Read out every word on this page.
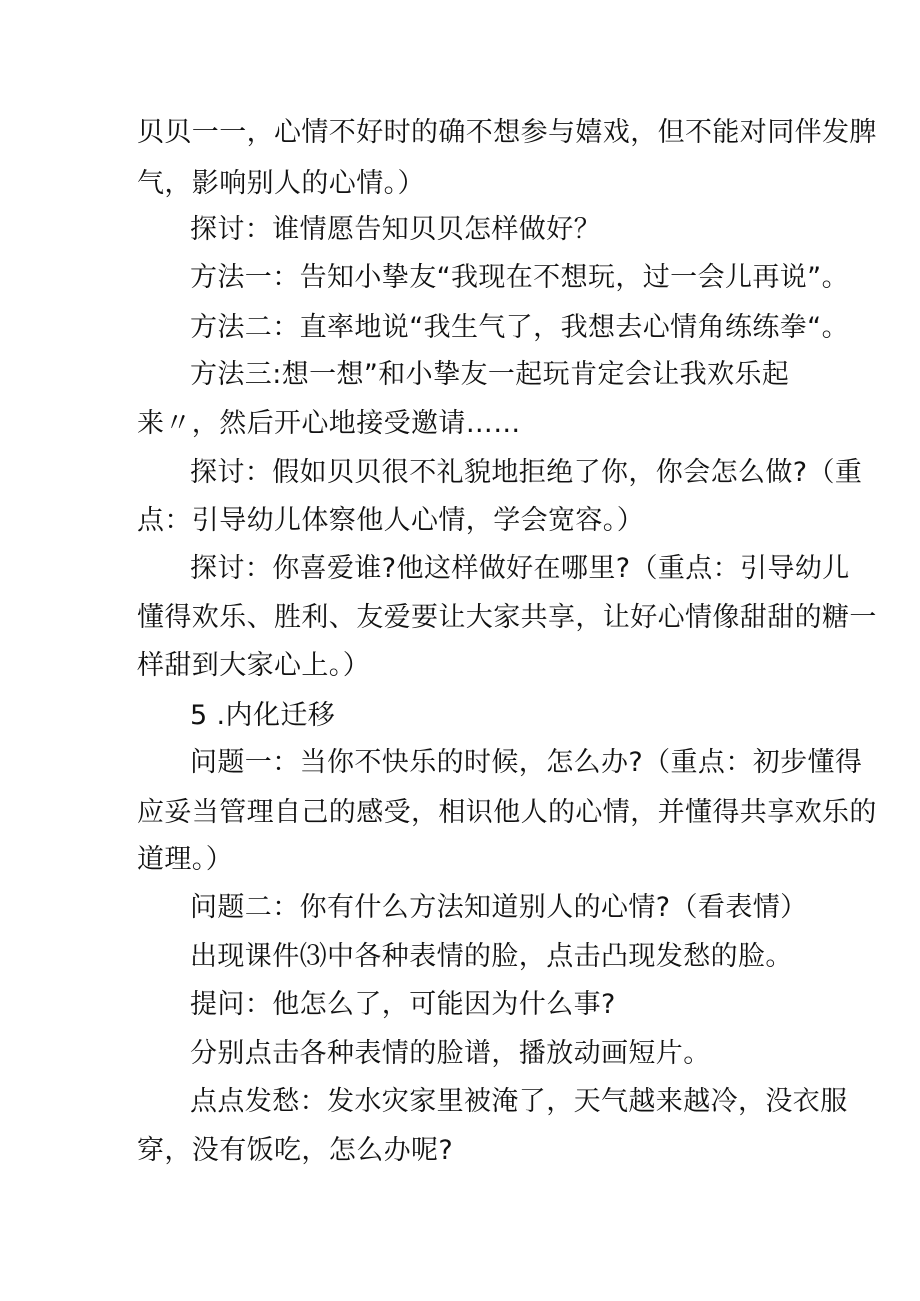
贝贝一一，心情不好时的确不想参与嬉戏，但不能对同伴发脾
气，影响别人的心情。）
探讨：谁情愿告知贝贝怎样做好？
方法一：告知小挚友“我现在不想玩，过一会儿再说”。
方法二：直率地说“我生气了，我想去心情角练练拳“。
方法三:想一想”和小挚友一起玩肯定会让我欢乐起
来〃，然后开心地接受邀请……
探讨：假如贝贝很不礼貌地拒绝了你，你会怎么做?（重
点：引导幼儿体察他人心情，学会宽容。）
探讨：你喜爱谁?他这样做好在哪里?（重点：引导幼儿
懂得欢乐、胜利、友爱要让大家共享，让好心情像甜甜的糖一
样甜到大家心上。）
5 .内化迁移
问题一：当你不快乐的时候，怎么办?（重点：初步懂得
应妥当管理自己的感受，相识他人的心情，并懂得共享欢乐的
道理。）
问题二：你有什么方法知道别人的心情?（看表情）
出现课件⑶中各种表情的脸，点击凸现发愁的脸。
提问：他怎么了，可能因为什么事?
分别点击各种表情的脸谱，播放动画短片。
点点发愁：发水灾家里被淹了，天气越来越冷，没衣服
穿，没有饭吃，怎么办呢?
